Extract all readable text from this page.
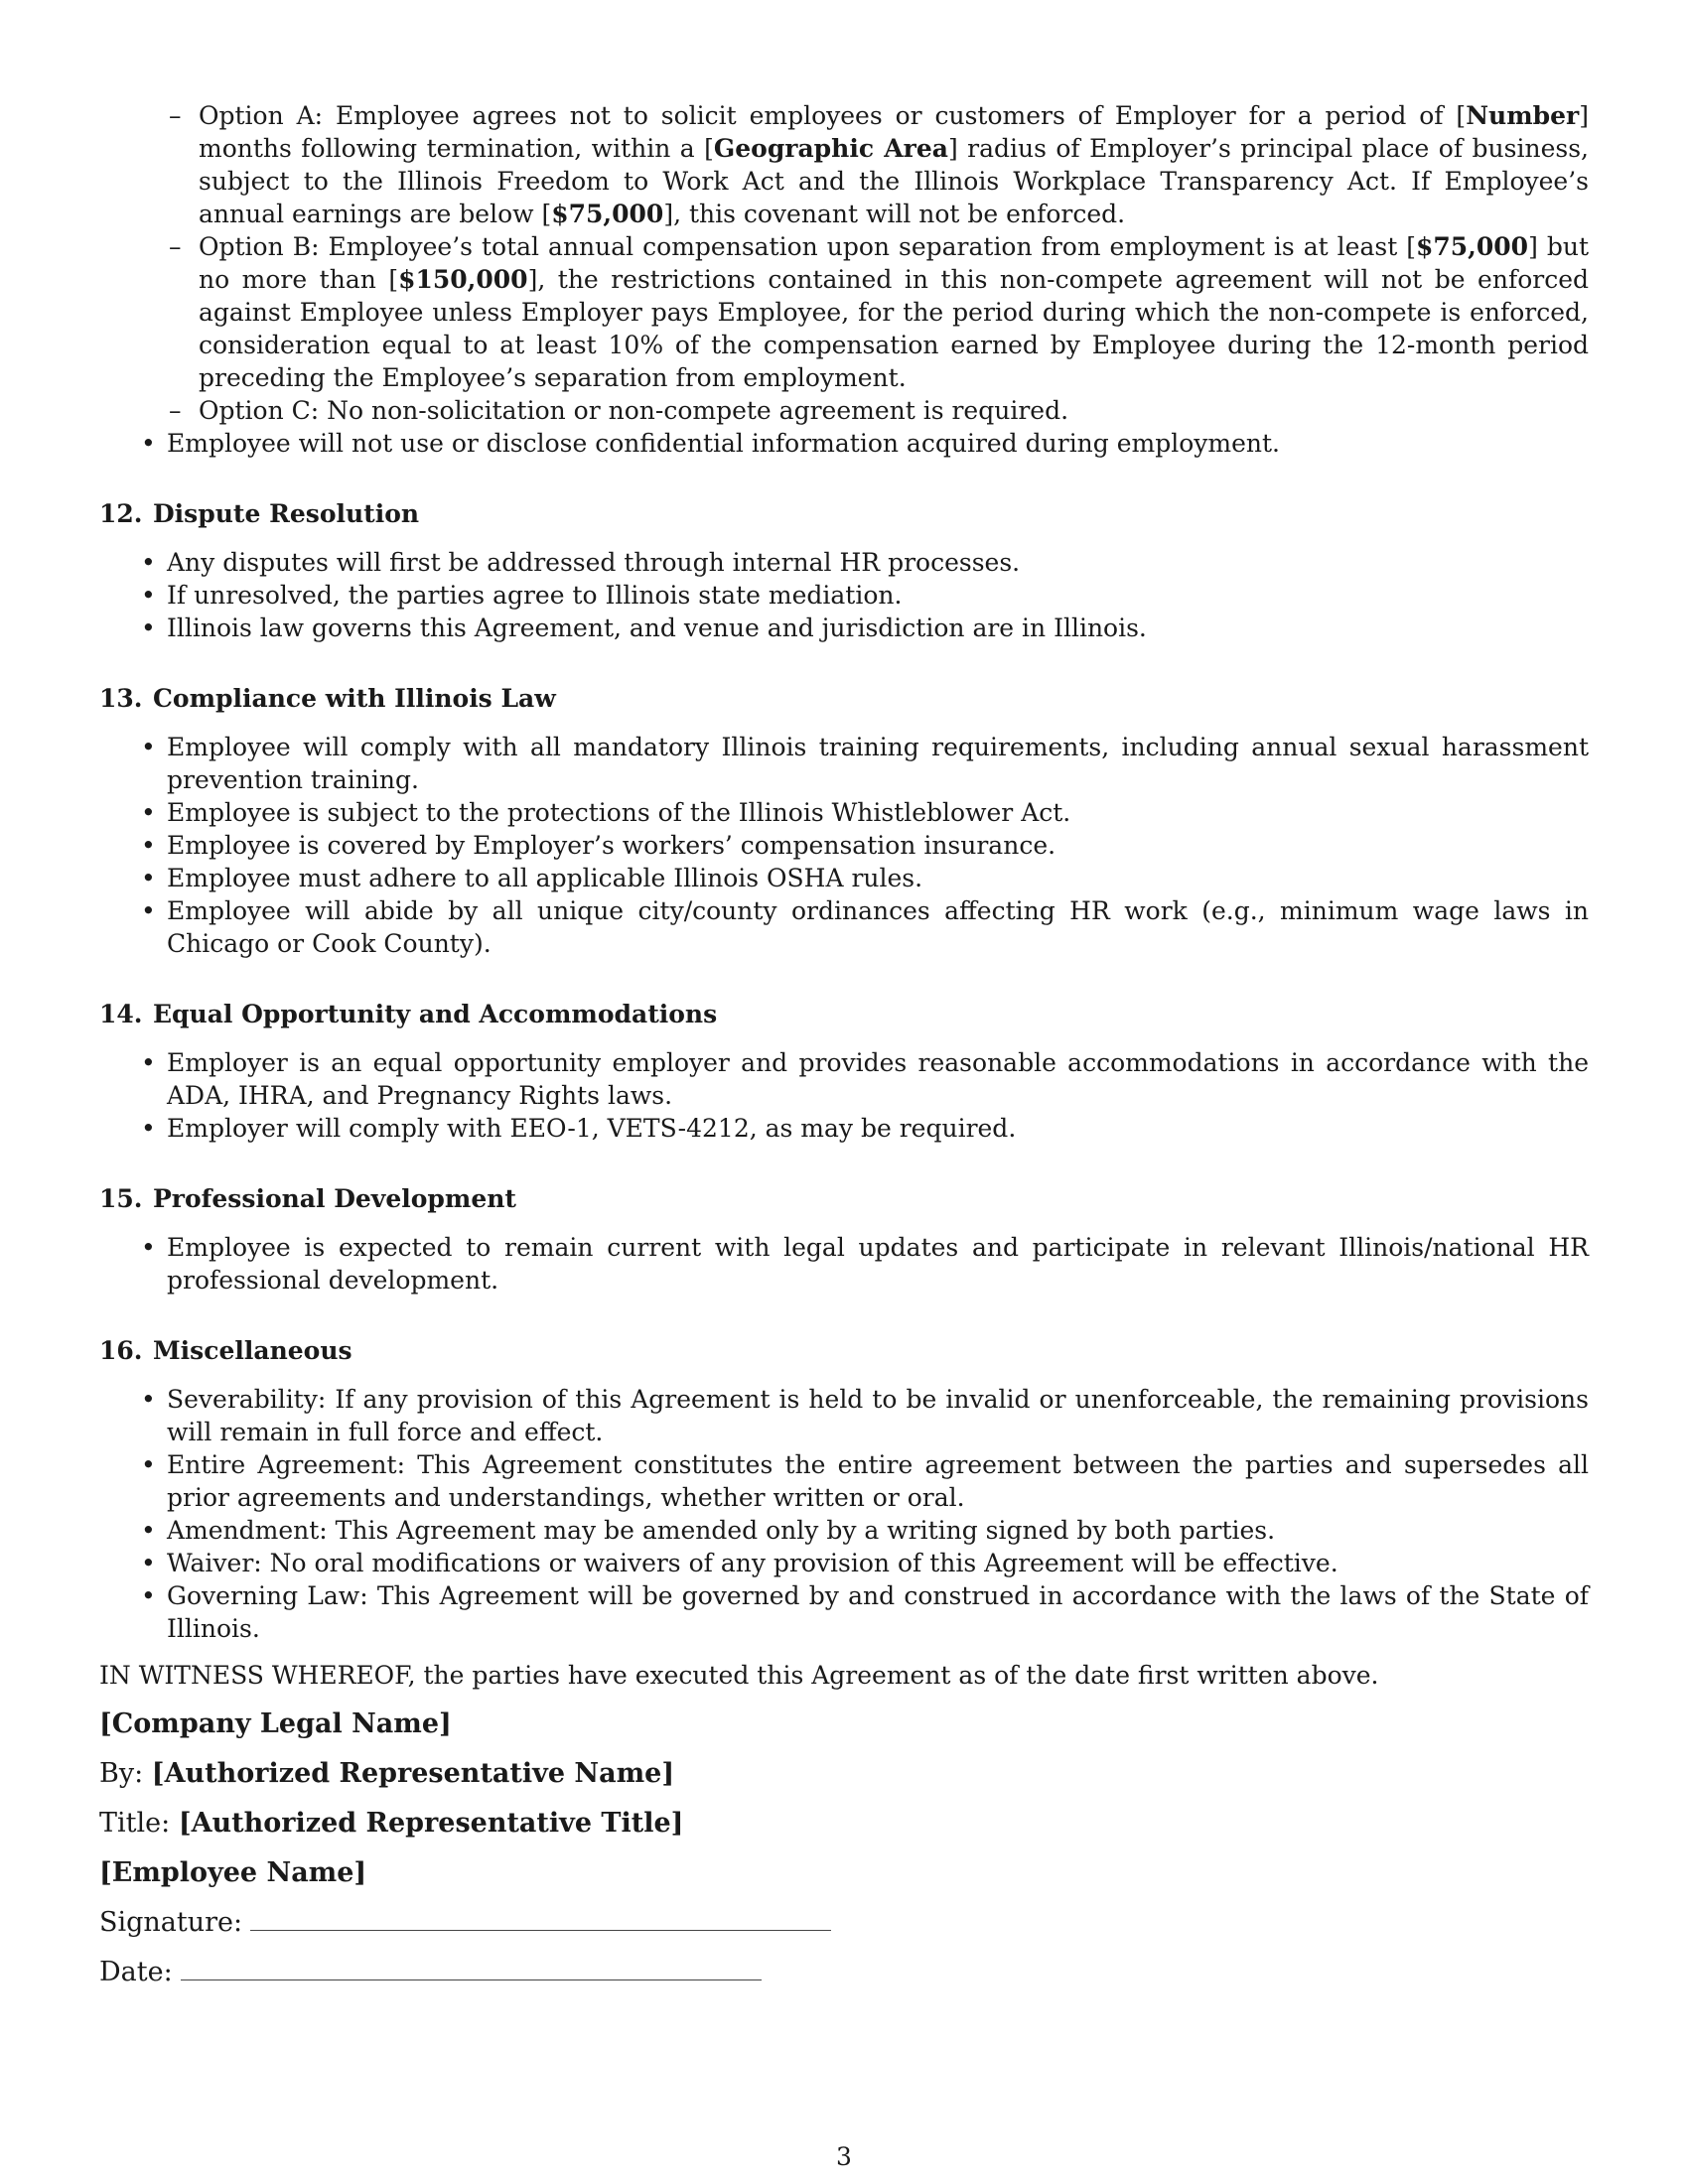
– Option A: Employee agrees not to solicit employees or customers of Employer for a period of [Number] months following termination, within a [Geographic Area] radius of Employer’s principal place of business, subject to the Illinois Freedom to Work Act and the Illinois Workplace Transparency Act. If Employee’s annual earnings are below [$75,000], this covenant will not be enforced.
– Option B: Employee’s total annual compensation upon separation from employment is at least [$75,000] but no more than [$150,000], the restrictions contained in this non-compete agreement will not be enforced against Employee unless Employer pays Employee, for the period during which the non-compete is enforced, consideration equal to at least 10% of the compensation earned by Employee during the 12-month period preceding the Employee’s separation from employment.
– Option C: No non-solicitation or non-compete agreement is required.
• Employee will not use or disclose confidential information acquired during employment.
12. Dispute Resolution
• Any disputes will first be addressed through internal HR processes.
• If unresolved, the parties agree to Illinois state mediation.
• Illinois law governs this Agreement, and venue and jurisdiction are in Illinois.
13. Compliance with Illinois Law
• Employee will comply with all mandatory Illinois training requirements, including annual sexual harassment prevention training.
• Employee is subject to the protections of the Illinois Whistleblower Act.
• Employee is covered by Employer’s workers’ compensation insurance.
• Employee must adhere to all applicable Illinois OSHA rules.
• Employee will abide by all unique city/county ordinances affecting HR work (e.g., minimum wage laws in Chicago or Cook County).
14. Equal Opportunity and Accommodations
• Employer is an equal opportunity employer and provides reasonable accommodations in accordance with the ADA, IHRA, and Pregnancy Rights laws.
• Employer will comply with EEO-1, VETS-4212, as may be required.
15. Professional Development
• Employee is expected to remain current with legal updates and participate in relevant Illinois/national HR professional development.
16. Miscellaneous
• Severability: If any provision of this Agreement is held to be invalid or unenforceable, the remaining provisions will remain in full force and effect.
• Entire Agreement: This Agreement constitutes the entire agreement between the parties and supersedes all prior agreements and understandings, whether written or oral.
• Amendment: This Agreement may be amended only by a writing signed by both parties.
• Waiver: No oral modifications or waivers of any provision of this Agreement will be effective.
• Governing Law: This Agreement will be governed by and construed in accordance with the laws of the State of Illinois.

IN WITNESS WHEREOF, the parties have executed this Agreement as of the date first written above.

[Company Legal Name]
By: [Authorized Representative Name]
Title: [Authorized Representative Title]
[Employee Name]
Signature:
Date:
3
